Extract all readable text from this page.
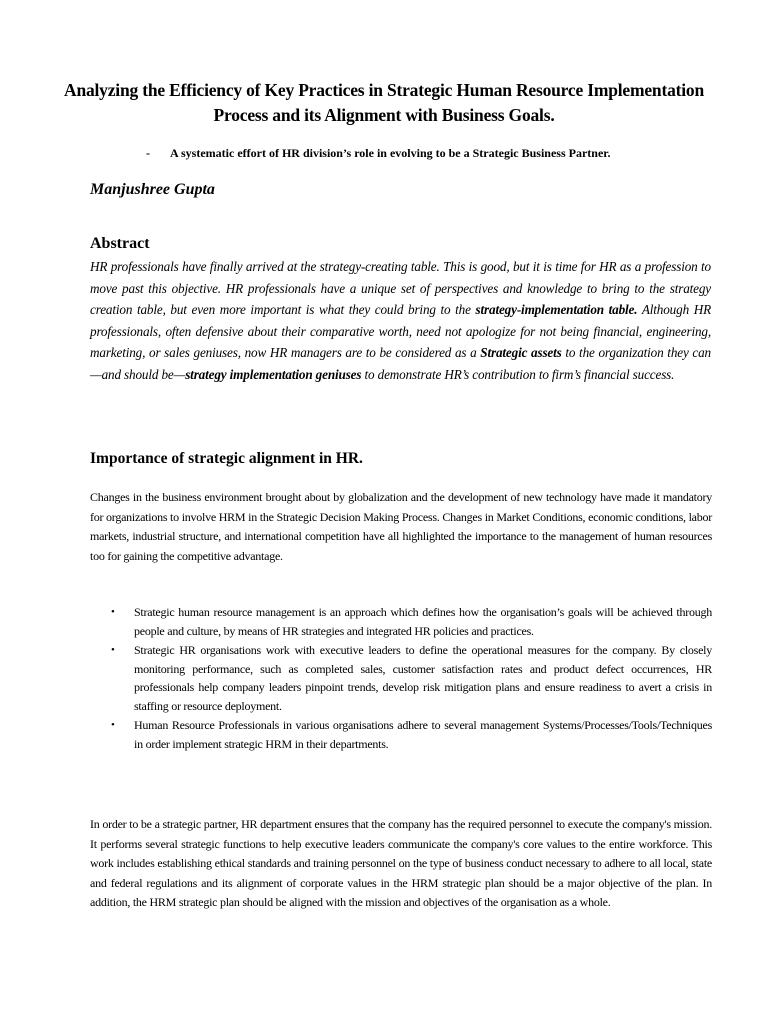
Analyzing the Efficiency of Key Practices in Strategic Human Resource Implementation Process and its Alignment with Business Goals.
- A systematic effort of HR division’s role in evolving to be a Strategic Business Partner.
Manjushree Gupta
Abstract

HR professionals have finally arrived at the strategy-creating table. This is good, but it is time for HR as a profession to move past this objective. HR professionals have a unique set of perspectives and knowledge to bring to the strategy creation table, but even more important is what they could bring to the strategy-implementation table. Although HR professionals, often defensive about their comparative worth, need not apologize for not being financial, engineering, marketing, or sales geniuses, now HR managers are to be considered as a Strategic assets to the organization they can—and should be—strategy implementation geniuses to demonstrate HR’s contribution to firm’s financial success.

Importance of strategic alignment in HR.

Changes in the business environment brought about by globalization and the development of new technology have made it mandatory for organizations to involve HRM in the Strategic Decision Making Process. Changes in Market Conditions, economic conditions, labor markets, industrial structure, and international competition have all highlighted the importance to the management of human resources too for gaining the competitive advantage.

•	Strategic human resource management is an approach which defines how the organisation’s goals will be achieved through people and culture, by means of HR strategies and integrated HR policies and practices.
•	Strategic HR organisations work with executive leaders to define the operational measures for the company. By closely monitoring performance, such as completed sales, customer satisfaction rates and product defect occurrences, HR professionals help company leaders pinpoint trends, develop risk mitigation plans and ensure readiness to avert a crisis in staffing or resource deployment.
•	Human Resource Professionals in various organisations adhere to several management Systems/Processes/Tools/Techniques in order implement strategic HRM in their departments.

In order to be a strategic partner, HR department ensures that the company has the required personnel to execute the company's mission. It performs several strategic functions to help executive leaders communicate the company's core values to the entire workforce. This work includes establishing ethical standards and training personnel on the type of business conduct necessary to adhere to all local, state and federal regulations and its alignment of corporate values in the HRM strategic plan should be a major objective of the plan. In addition, the HRM strategic plan should be aligned with the mission and objectives of the organisation as a whole.
